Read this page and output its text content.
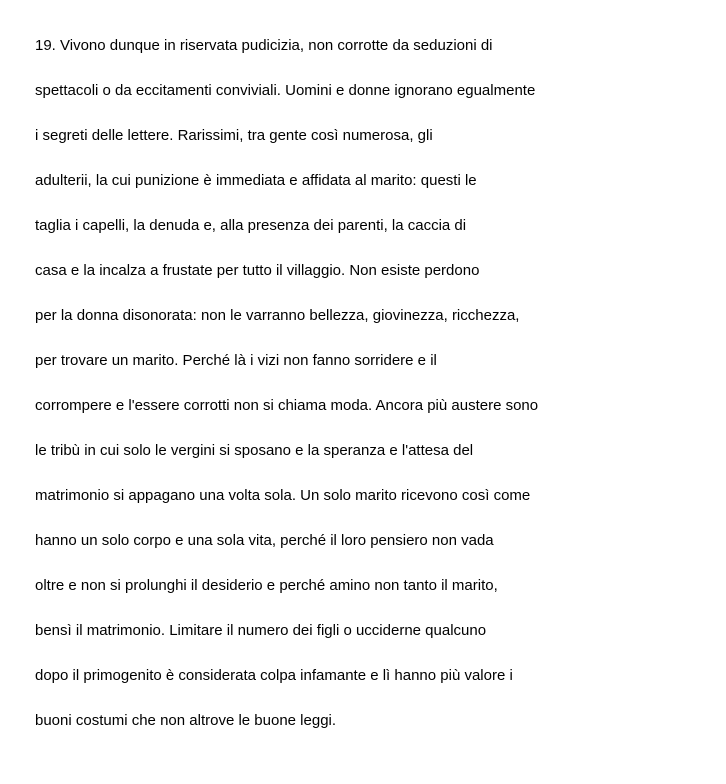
19. Vivono dunque in riservata pudicizia, non corrotte da seduzioni di

spettacoli o da eccitamenti conviviali. Uomini e donne ignorano egualmente

i segreti delle lettere. Rarissimi, tra gente così numerosa, gli

adulterii, la cui punizione è immediata e affidata al marito: questi le

taglia i capelli, la denuda e, alla presenza dei parenti, la caccia di

casa e la incalza a frustate per tutto il villaggio. Non esiste perdono

per la donna disonorata: non le varranno bellezza, giovinezza, ricchezza,

per trovare un marito. Perché là i vizi non fanno sorridere e il

corrompere e l'essere corrotti non si chiama moda. Ancora più austere sono

le tribù in cui solo le vergini si sposano e la speranza e l'attesa del

matrimonio si appagano una volta sola. Un solo marito ricevono così come

hanno un solo corpo e una sola vita, perché il loro pensiero non vada

oltre e non si prolunghi il desiderio e perché amino non tanto il marito,

bensì il matrimonio. Limitare il numero dei figli o ucciderne qualcuno

dopo il primogenito è considerata colpa infamante e lì hanno più valore i

buoni costumi che non altrove le buone leggi.
